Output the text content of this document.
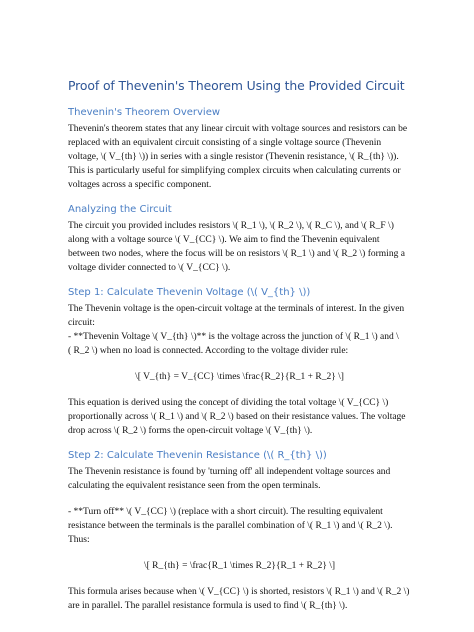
Proof of Thevenin's Theorem Using the Provided Circuit
Thevenin's Theorem Overview

Thevenin's theorem states that any linear circuit with voltage sources and resistors can be
replaced with an equivalent circuit consisting of a single voltage source (Thevenin
voltage, \( V_{th} \)) in series with a single resistor (Thevenin resistance, \( R_{th} \)).
This is particularly useful for simplifying complex circuits when calculating currents or
voltages across a specific component.

Analyzing the Circuit

The circuit you provided includes resistors \( R_1 \), \( R_2 \), \( R_C \), and \( R_F \)
along with a voltage source \( V_{CC} \). We aim to find the Thevenin equivalent
between two nodes, where the focus will be on resistors \( R_1 \) and \( R_2 \) forming a
voltage divider connected to \( V_{CC} \).

Step 1: Calculate Thevenin Voltage (\( V_{th} \))

The Thevenin voltage is the open-circuit voltage at the terminals of interest. In the given
circuit:
- **Thevenin Voltage \( V_{th} \)** is the voltage across the junction of \( R_1 \) and \
( R_2 \) when no load is connected. According to the voltage divider rule:

\[ V_{th} = V_{CC} \times \frac{R_2}{R_1 + R_2} \]

This equation is derived using the concept of dividing the total voltage \( V_{CC} \)
proportionally across \( R_1 \) and \( R_2 \) based on their resistance values. The voltage
drop across \( R_2 \) forms the open-circuit voltage \( V_{th} \).

Step 2: Calculate Thevenin Resistance (\( R_{th} \))

The Thevenin resistance is found by 'turning off' all independent voltage sources and
calculating the equivalent resistance seen from the open terminals.

- **Turn off** \( V_{CC} \) (replace with a short circuit). The resulting equivalent
resistance between the terminals is the parallel combination of \( R_1 \) and \( R_2 \).
Thus:

\[ R_{th} = \frac{R_1 \times R_2}{R_1 + R_2} \]

This formula arises because when \( V_{CC} \) is shorted, resistors \( R_1 \) and \( R_2 \)
are in parallel. The parallel resistance formula is used to find \( R_{th} \).
